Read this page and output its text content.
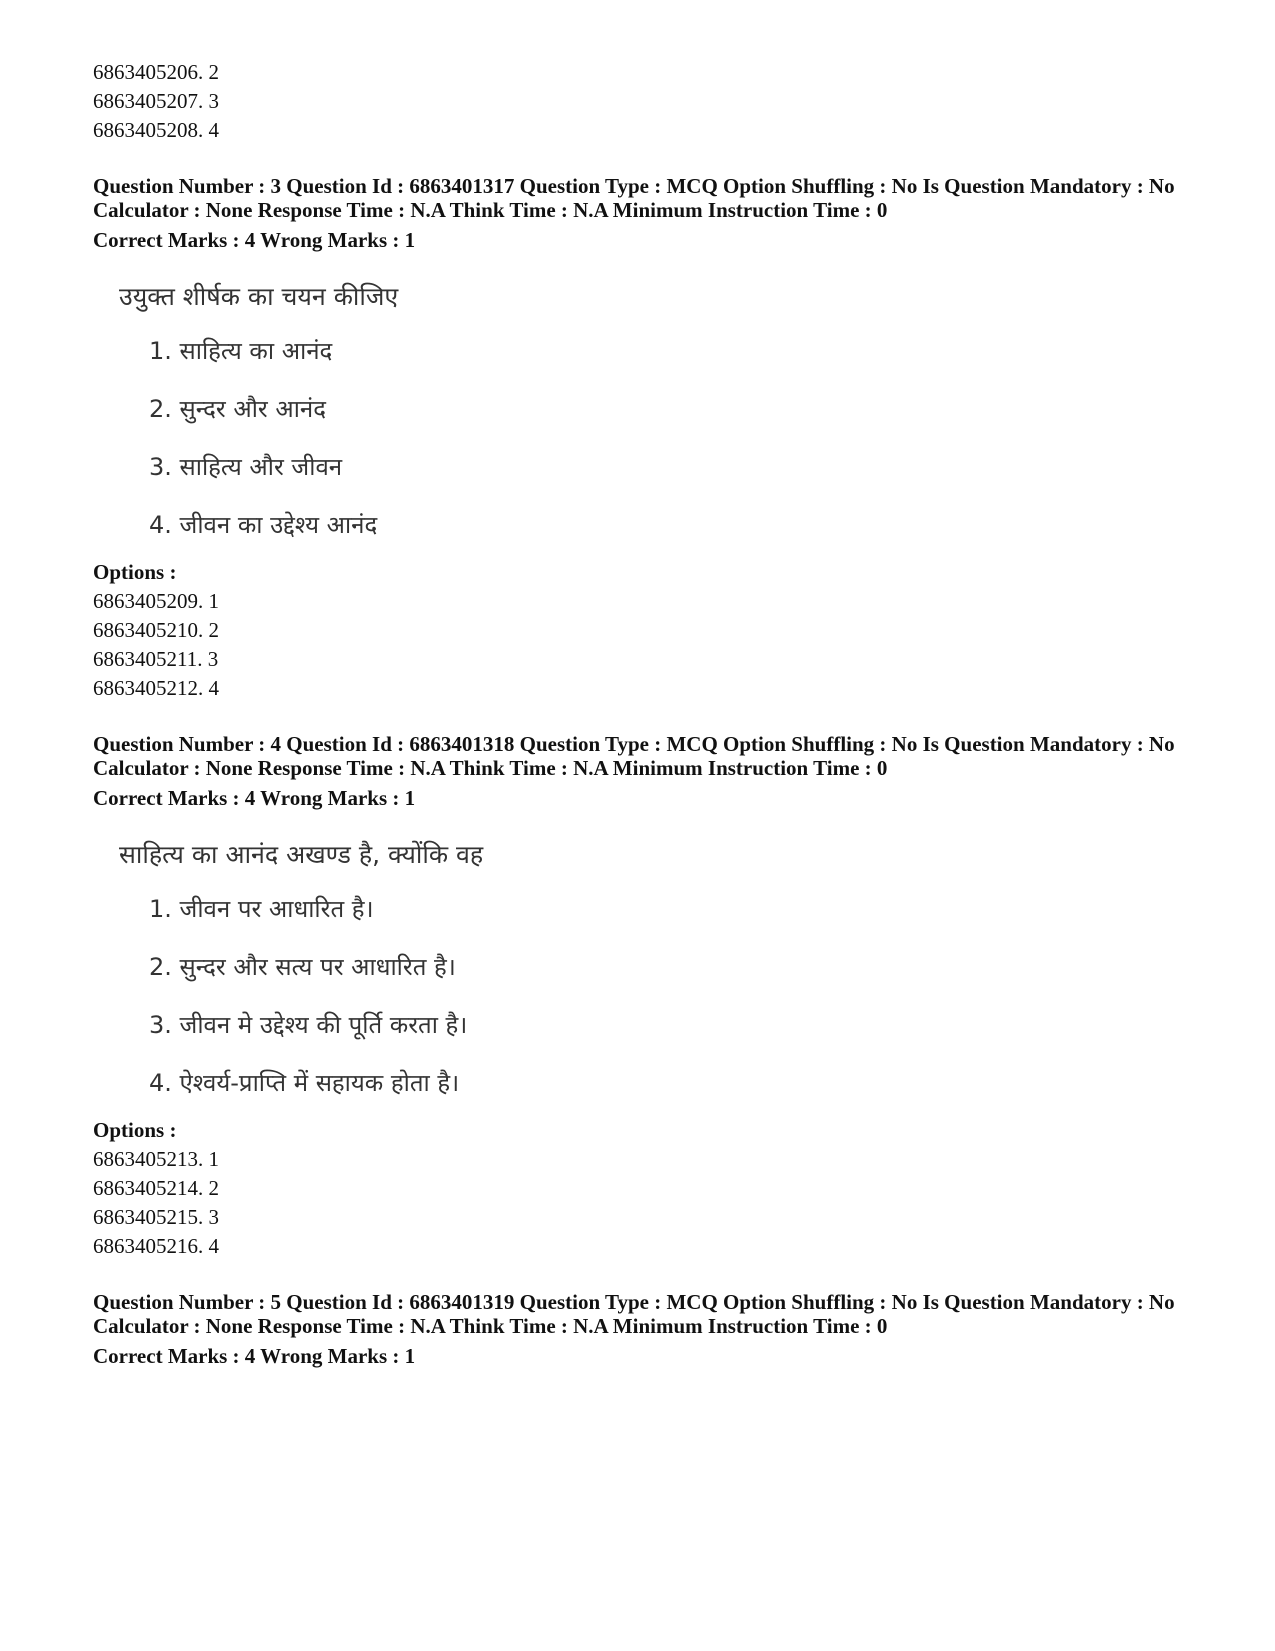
6863405206. 2

6863405207. 3

6863405208. 4

Question Number : 3 Question Id : 6863401317 Question Type : MCQ Option Shuffling : No Is Question Mandatory : No

Calculator : None Response Time : N.A Think Time : N.A Minimum Instruction Time : 0

Correct Marks : 4 Wrong Marks : 1

उयुक्त शीर्षक का चयन कीजिए

1. साहित्य का आनंद
2. सुन्दर और आनंद
3. साहित्य और जीवन
4. जीवन का उद्देश्य आनंद

Options :

6863405209. 1

6863405210. 2

6863405211. 3

6863405212. 4

Question Number : 4 Question Id : 6863401318 Question Type : MCQ Option Shuffling : No Is Question Mandatory : No

Calculator : None Response Time : N.A Think Time : N.A Minimum Instruction Time : 0

Correct Marks : 4 Wrong Marks : 1

साहित्य का आनंद अखण्ड है, क्योंकि वह

1. जीवन पर आधारित है।
2. सुन्दर और सत्य पर आधारित है।
3. जीवन मे उद्देश्य की पूर्ति करता है।
4. ऐश्वर्य-प्राप्ति में सहायक होता है।

Options :

6863405213. 1

6863405214. 2

6863405215. 3

6863405216. 4

Question Number : 5 Question Id : 6863401319 Question Type : MCQ Option Shuffling : No Is Question Mandatory : No

Calculator : None Response Time : N.A Think Time : N.A Minimum Instruction Time : 0

Correct Marks : 4 Wrong Marks : 1
